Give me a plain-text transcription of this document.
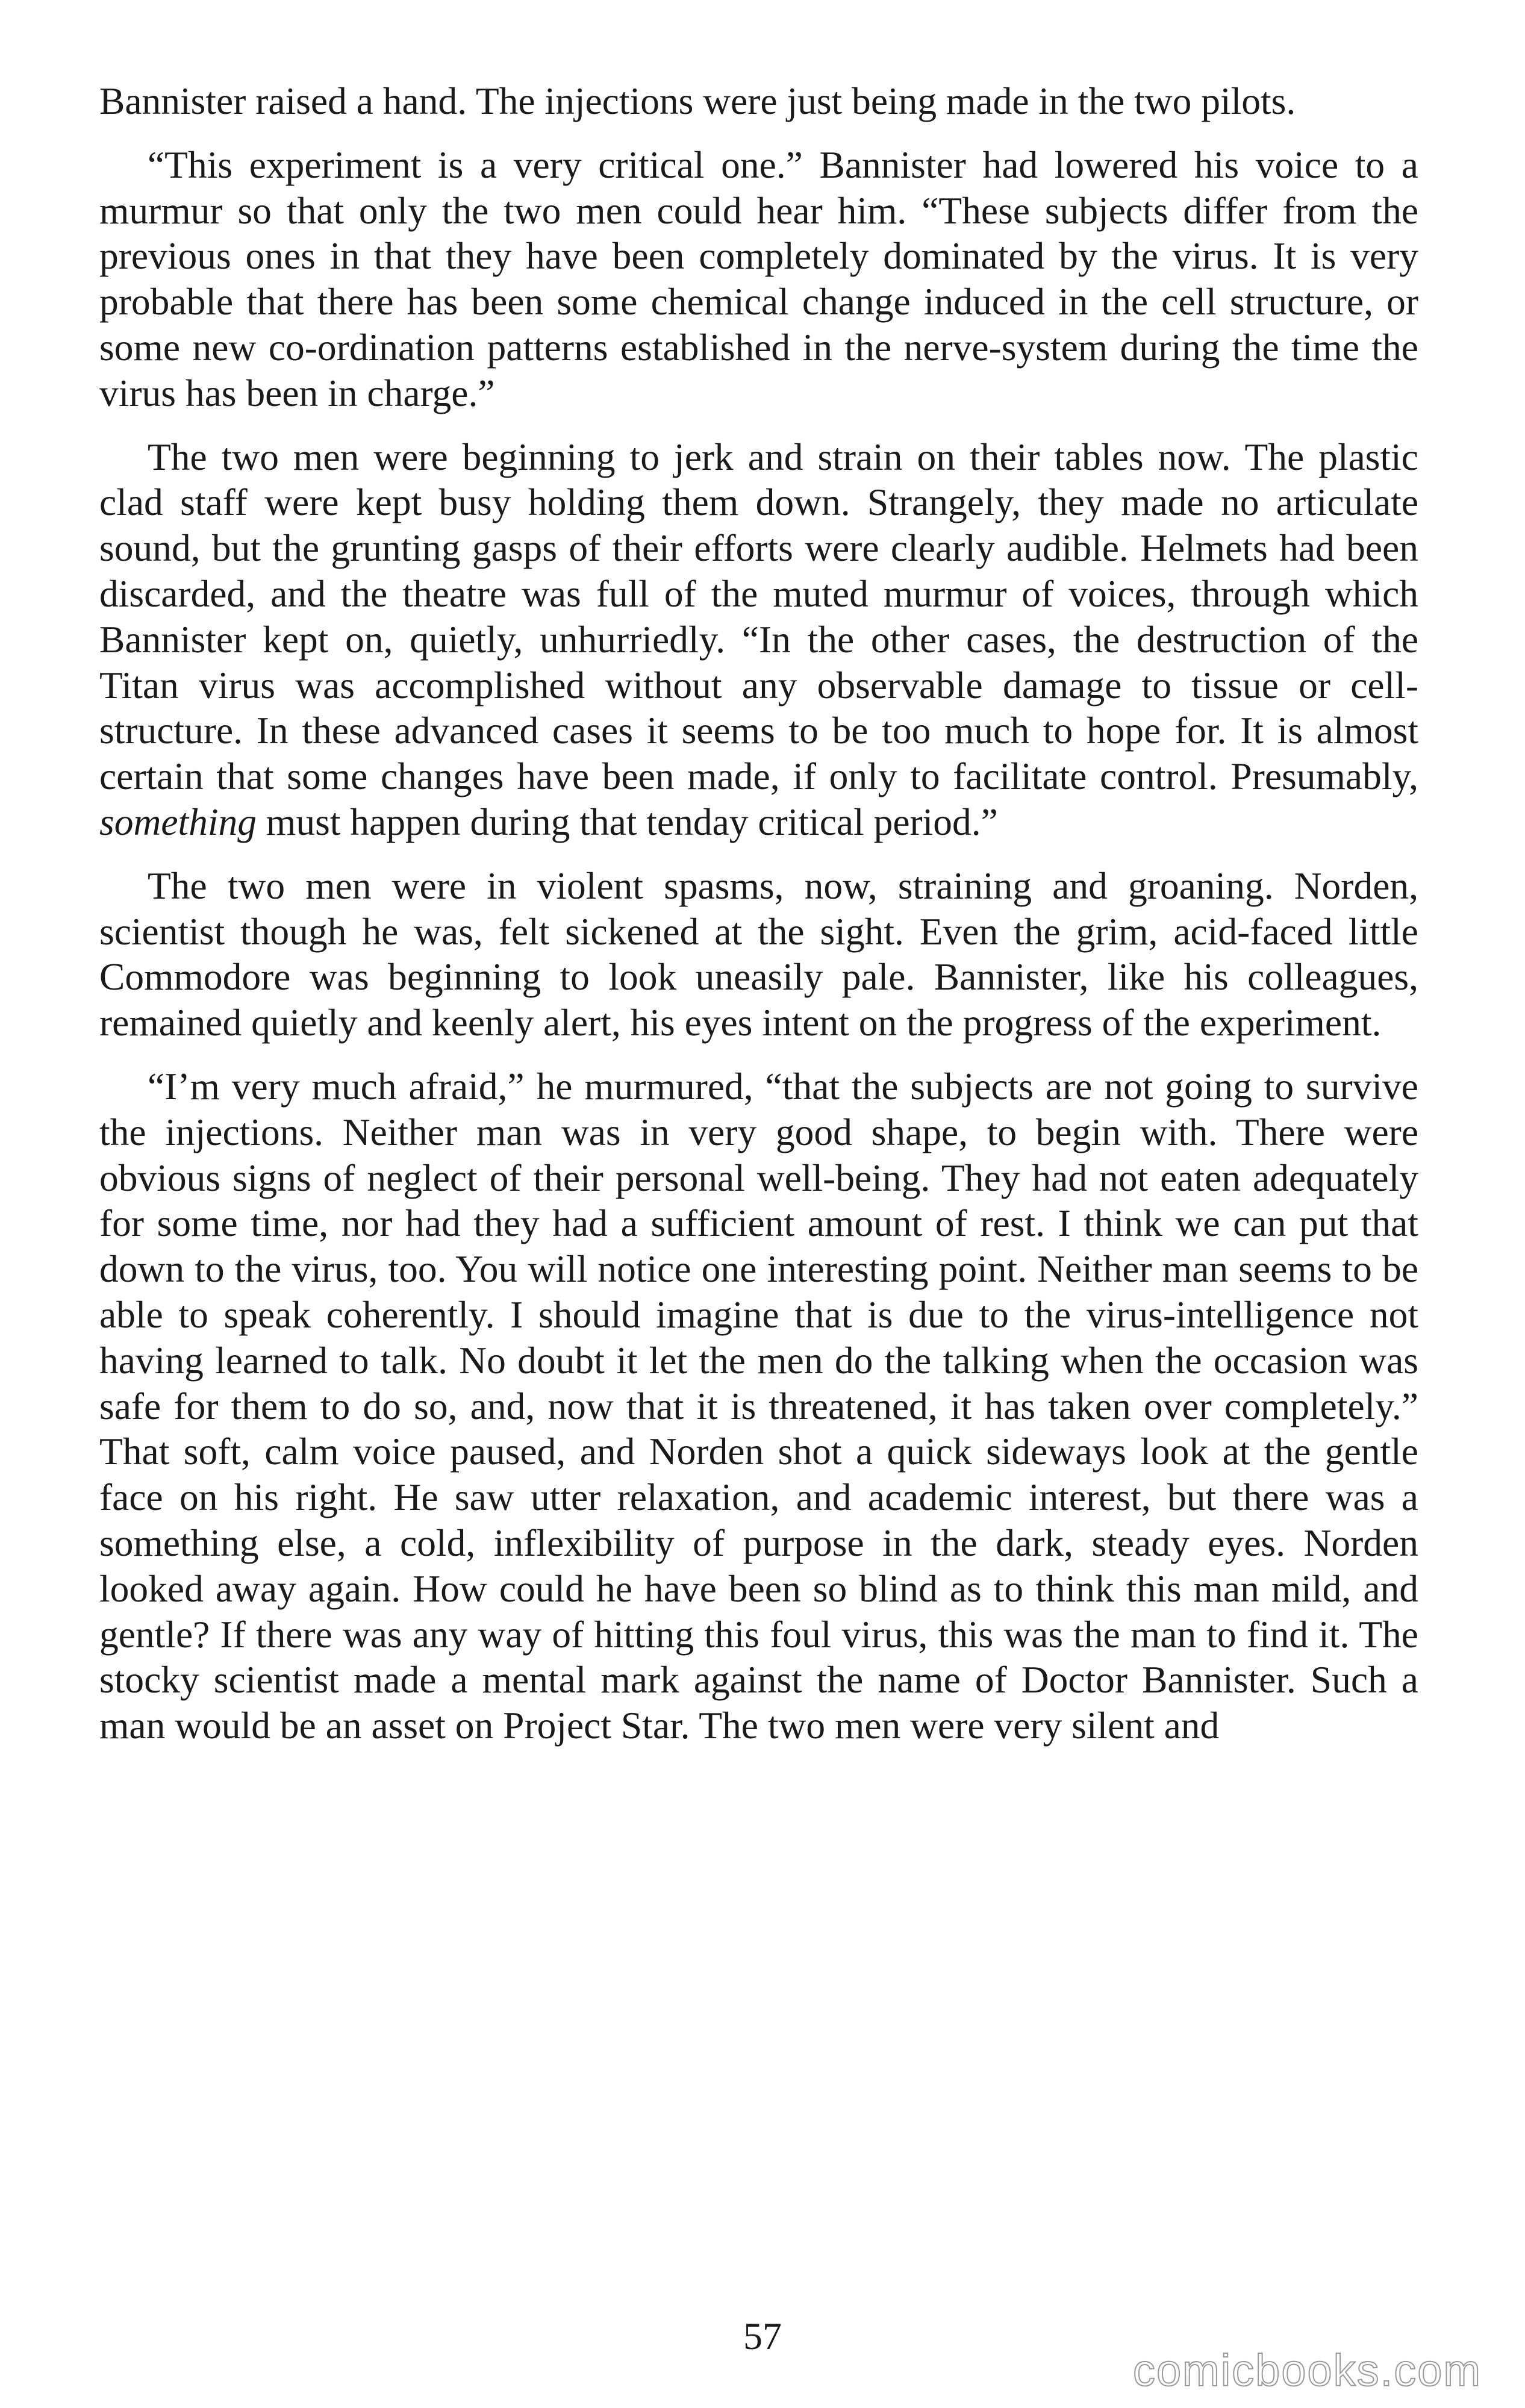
Bannister raised a hand. The injections were just being made in the two pilots.

“This experiment is a very critical one.” Bannister had lowered his voice to a murmur so that only the two men could hear him. “These subjects differ from the previous ones in that they have been completely dominated by the virus. It is very probable that there has been some chemical change induced in the cell structure, or some new co-ordination patterns established in the nerve-system during the time the virus has been in charge.”

The two men were beginning to jerk and strain on their tables now. The plastic clad staff were kept busy holding them down. Strangely, they made no articulate sound, but the grunting gasps of their efforts were clearly audible. Helmets had been discarded, and the theatre was full of the muted murmur of voices, through which Bannister kept on, quietly, unhurriedly. “In the other cases, the destruction of the Titan virus was accomplished without any observable damage to tissue or cell-structure. In these advanced cases it seems to be too much to hope for. It is almost certain that some changes have been made, if only to facilitate control. Presumably, something must happen during that tenday critical period.”

The two men were in violent spasms, now, straining and groaning. Norden, scientist though he was, felt sickened at the sight. Even the grim, acid-faced little Commodore was beginning to look uneasily pale. Bannister, like his colleagues, remained quietly and keenly alert, his eyes intent on the progress of the experiment.

“I’m very much afraid,” he murmured, “that the subjects are not going to survive the injections. Neither man was in very good shape, to begin with. There were obvious signs of neglect of their personal well-being. They had not eaten adequately for some time, nor had they had a sufficient amount of rest. I think we can put that down to the virus, too. You will notice one interesting point. Neither man seems to be able to speak coherently. I should imagine that is due to the virus-intelligence not having learned to talk. No doubt it let the men do the talking when the occasion was safe for them to do so, and, now that it is threatened, it has taken over completely.” That soft, calm voice paused, and Norden shot a quick sideways look at the gentle face on his right. He saw utter relaxation, and academic interest, but there was a something else, a cold, inflexibility of purpose in the dark, steady eyes. Norden looked away again. How could he have been so blind as to think this man mild, and gentle? If there was any way of hitting this foul virus, this was the man to find it. The stocky scientist made a mental mark against the name of Doctor Bannister. Such a man would be an asset on Project Star. The two men were very silent and

57
comicbooks.com
